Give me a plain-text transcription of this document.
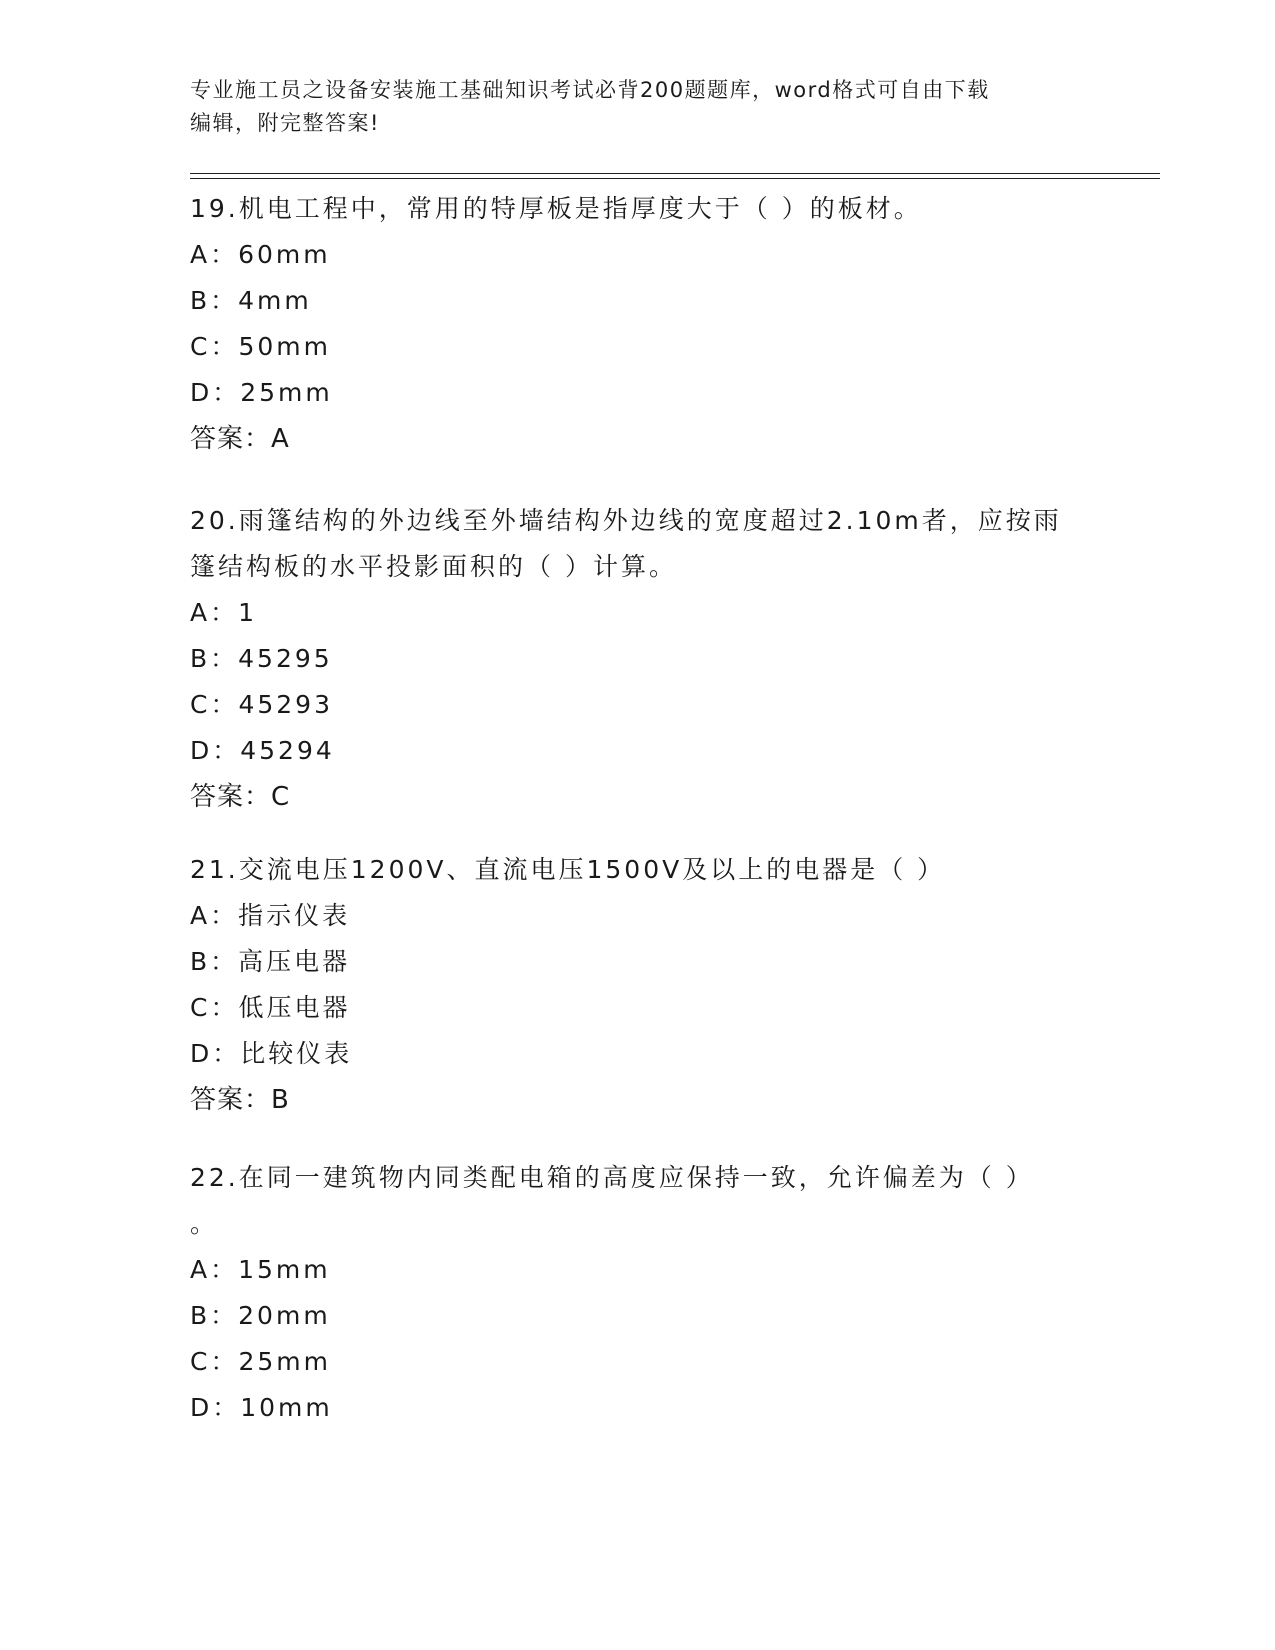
专业施工员之设备安装施工基础知识考试必背200题题库，word格式可自由下载
编辑，附完整答案!
19.机电工程中，常用的特厚板是指厚度大于（ ）的板材。
A：60mm
B：4mm
C：50mm
D：25mm
答案：A
20.雨篷结构的外边线至外墙结构外边线的宽度超过2.10m者，应按雨
篷结构板的水平投影面积的（ ）计算。
A：1
B：45295
C：45293
D：45294
答案：C
21.交流电压1200V、直流电压1500V及以上的电器是（ ）
A：指示仪表
B：高压电器
C：低压电器
D：比较仪表
答案：B
22.在同一建筑物内同类配电箱的高度应保持一致，允许偏差为（ ）
。
A：15mm
B：20mm
C：25mm
D：10mm
